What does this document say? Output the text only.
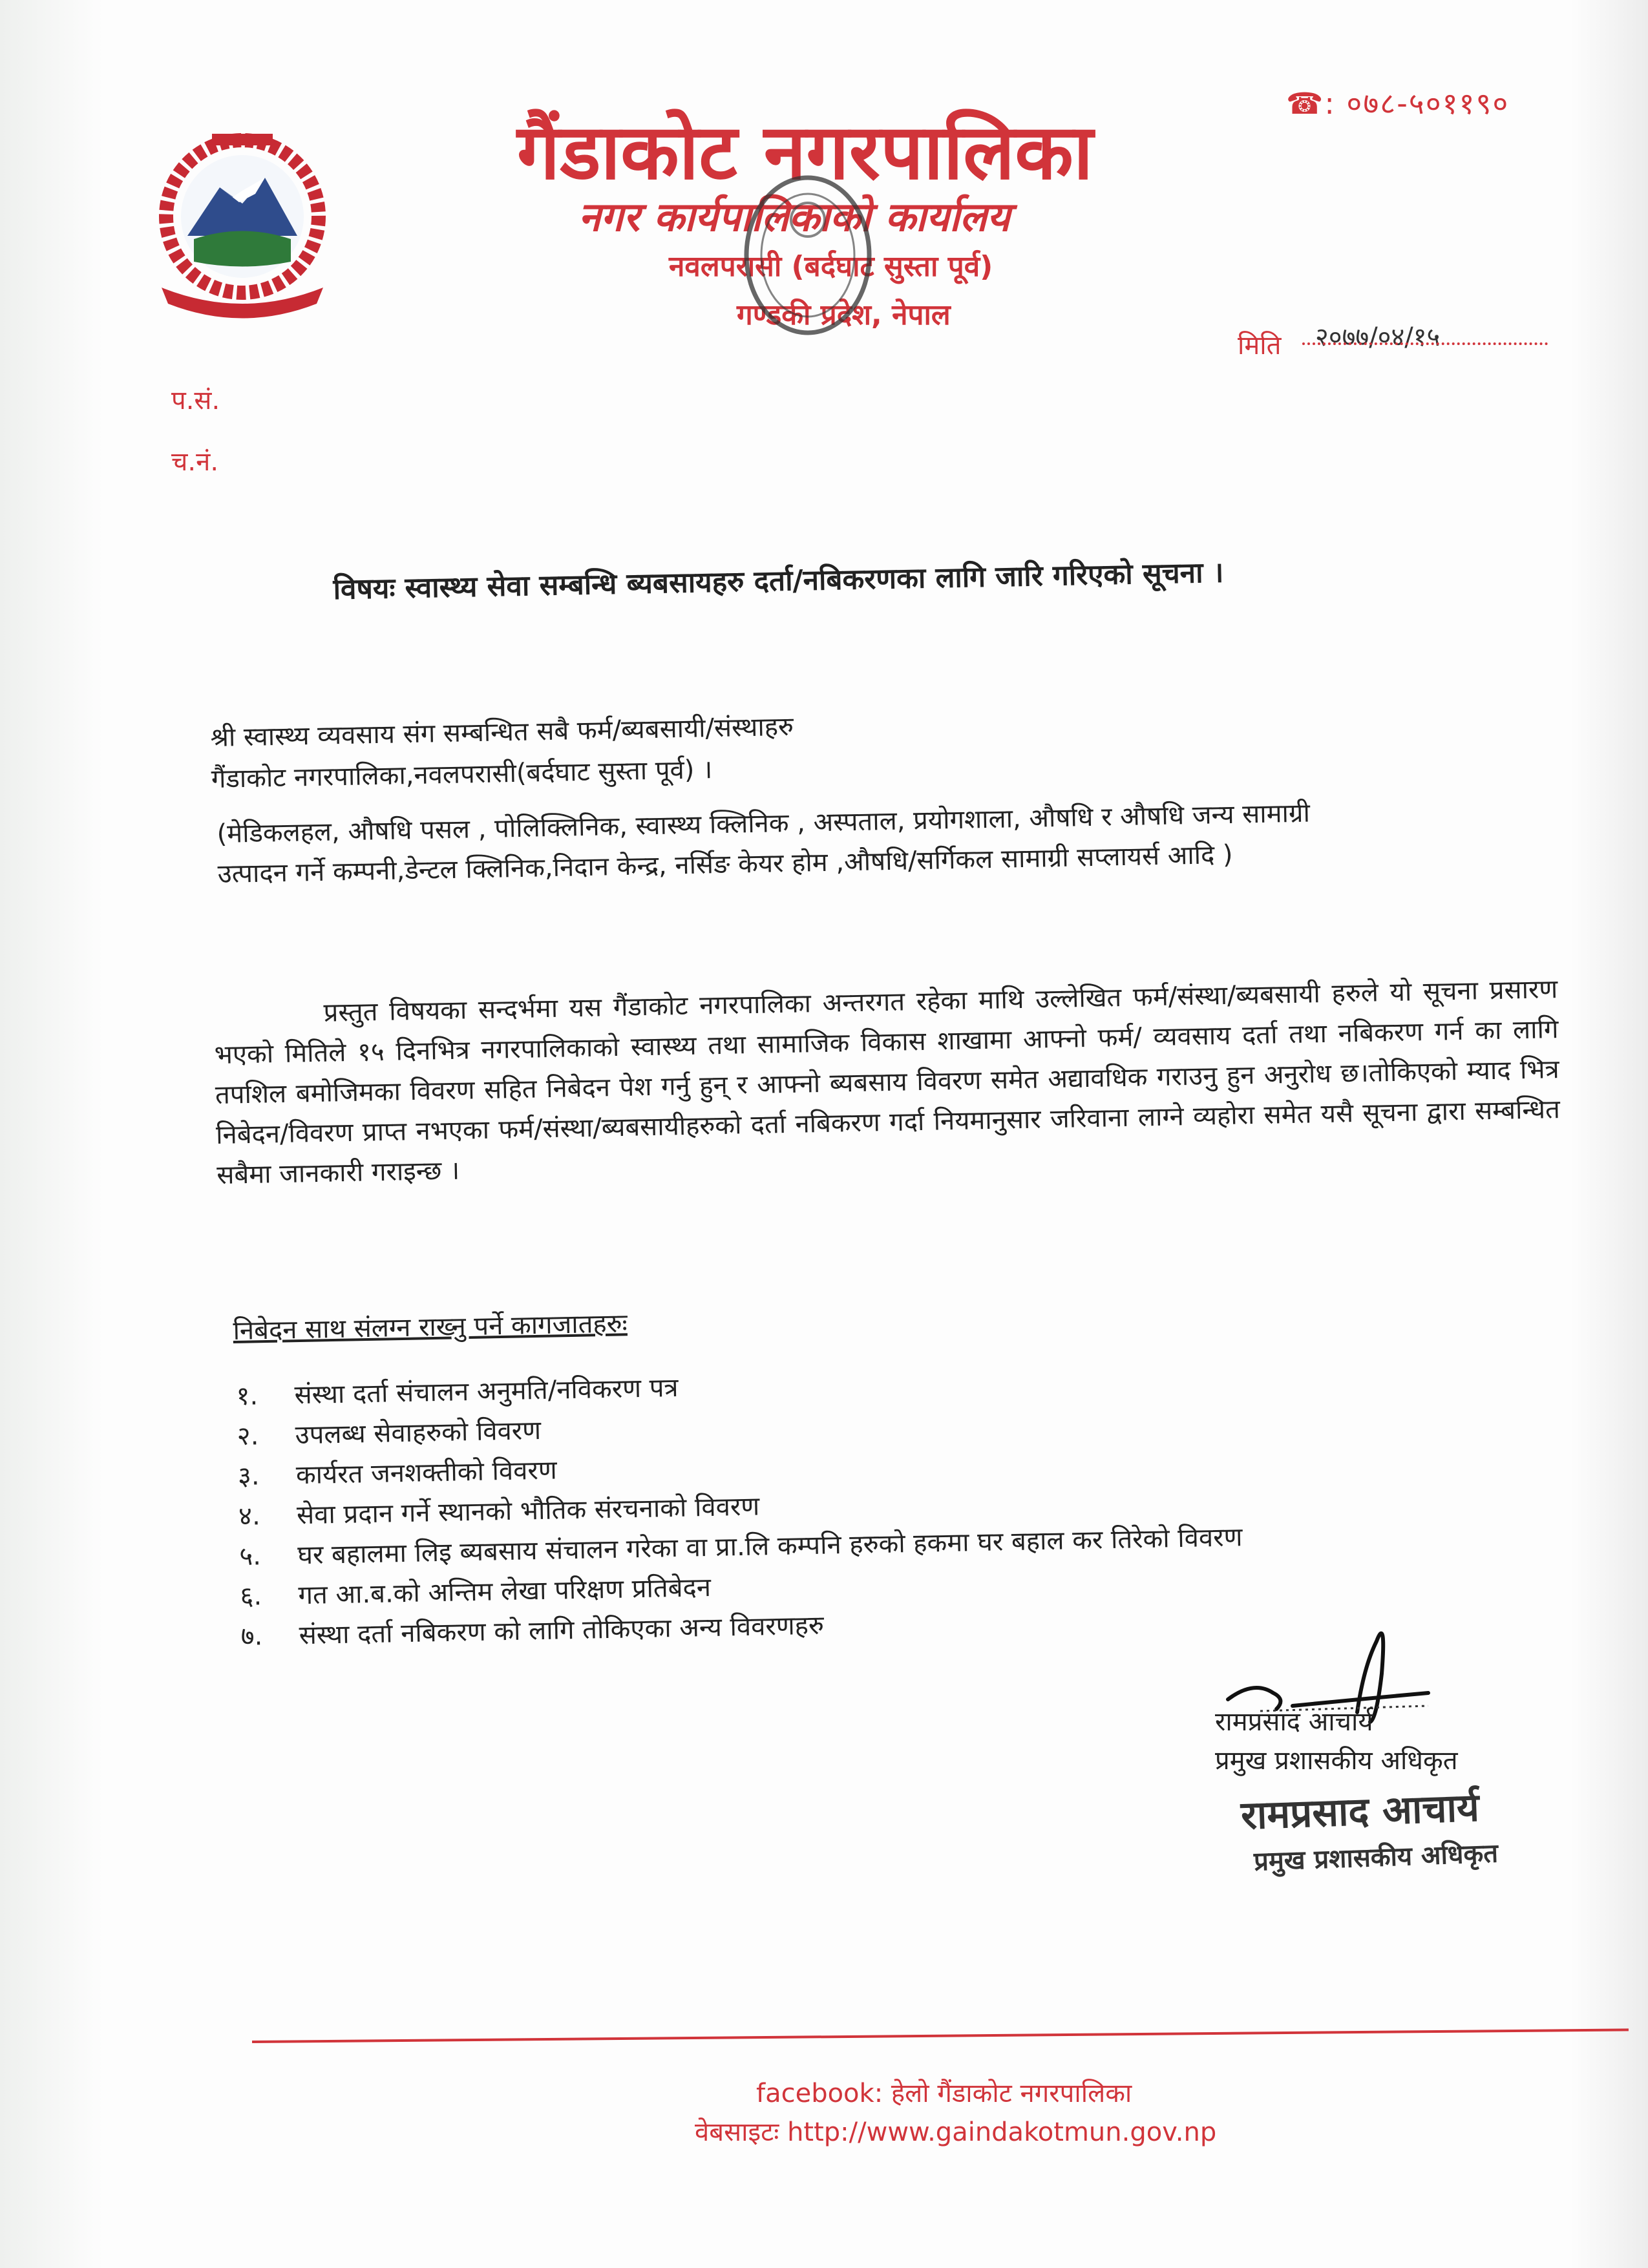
☎: ०७८-५०११९०
गैंडाकोट नगरपालिका
नगर कार्यपालिकाको कार्यालय
नवलपरासी (बर्दघाट सुस्ता पूर्व)
गण्डकी प्रदेश, नेपाल
मिति २०७७/०४/१५
प.सं.
च.नं.
विषयः स्वास्थ्य सेवा सम्बन्धि ब्यबसायहरु दर्ता/नबिकरणका लागि जारि गरिएको सूचना ।
श्री स्वास्थ्य व्यवसाय संग सम्बन्धित सबै फर्म/ब्यबसायी/संस्थाहरु
गैंडाकोट नगरपालिका,नवलपरासी(बर्दघाट सुस्ता पूर्व) ।
(मेडिकलहल, औषधि पसल , पोलिक्लिनिक, स्वास्थ्य क्लिनिक , अस्पताल, प्रयोगशाला, औषधि र औषधि जन्य सामाग्री
उत्पादन गर्ने कम्पनी,डेन्टल क्लिनिक,निदान केन्द्र, नर्सिङ केयर होम ,औषधि/सर्गिकल सामाग्री सप्लायर्स आदि )

प्रस्तुत विषयका सन्दर्भमा यस गैंडाकोट नगरपालिका अन्तरगत रहेका माथि उल्लेखित फर्म/संस्था/ब्यबसायी हरुले यो सूचना प्रसारण भएको मितिले १५ दिनभित्र नगरपालिकाको स्वास्थ्य तथा सामाजिक विकास शाखामा आफ्नो फर्म/ व्यवसाय दर्ता तथा नबिकरण गर्न का लागि तपशिल बमोजिमका विवरण सहित निबेदन पेश गर्नु हुन् र आफ्नो ब्यबसाय विवरण समेत अद्यावधिक गराउनु हुन अनुरोध छ।तोकिएको म्याद भित्र निबेदन/विवरण प्राप्त नभएका फर्म/संस्था/ब्यबसायीहरुको दर्ता नबिकरण गर्दा नियमानुसार जरिवाना लाग्ने व्यहोरा समेत यसै सूचना द्वारा सम्बन्धित सबैमा जानकारी गराइन्छ ।

निबेदन साथ संलग्न राख्नु पर्ने कागजातहरुः
१.	संस्था दर्ता संचालन अनुमति/नविकरण पत्र
२.	उपलब्ध सेवाहरुको विवरण
३.	कार्यरत जनशक्तीको विवरण
४.	सेवा प्रदान गर्ने स्थानको भौतिक संरचनाको विवरण
५.	घर बहालमा लिइ ब्यबसाय संचालन गरेका वा प्रा.लि कम्पनि हरुको हकमा घर बहाल कर तिरेको विवरण
६.	गत आ.ब.को अन्तिम लेखा परिक्षण प्रतिबेदन
७.	संस्था दर्ता नबिकरण को लागि तोकिएका अन्य विवरणहरु
रामप्रसाद आचार्य
प्रमुख प्रशासकीय अधिकृत
रामप्रसाद आचार्य
प्रमुख प्रशासकीय अधिकृत
facebook: हेलो गैंडाकोट नगरपालिका
वेबसाइटः http://www.gaindakotmun.gov.np
